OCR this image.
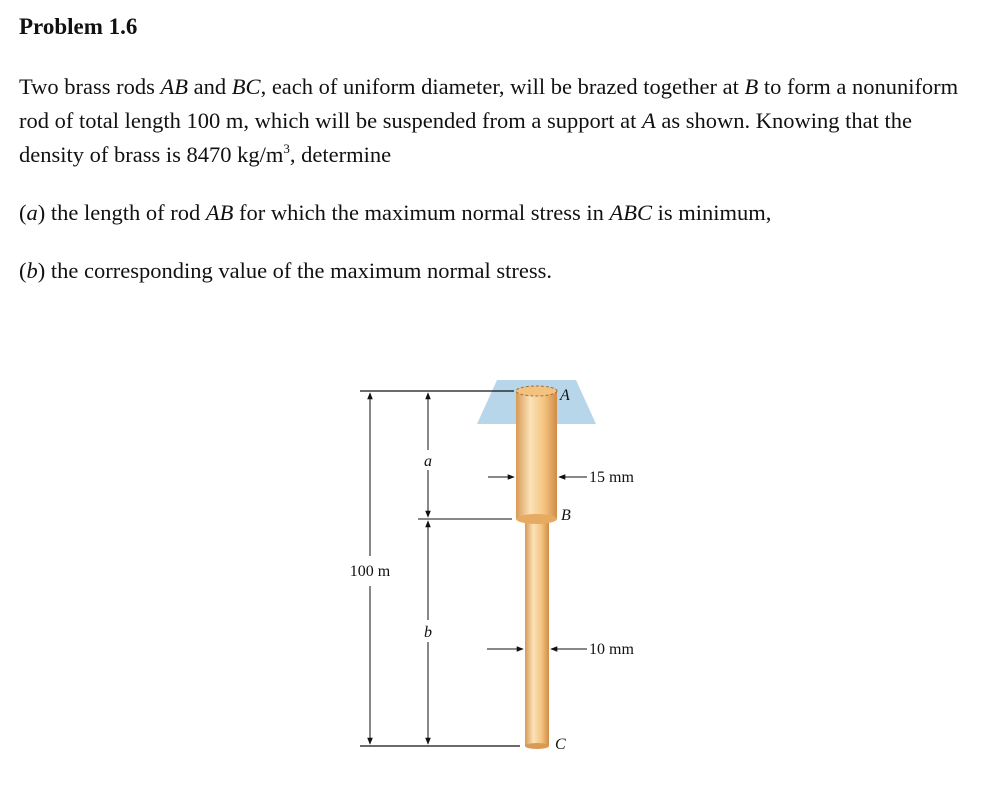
Problem 1.6

Two brass rods AB and BC, each of uniform diameter, will be brazed together at B to form a nonuniform rod of total length 100 m, which will be suspended from a support at A as shown. Knowing that the density of brass is 8470 $kg/m^3$, determine

(a) the length of rod AB for which the maximum normal stress in ABC is minimum,

(b) the corresponding value of the maximum normal stress.

100 m
a
b
15 mm
10 mm
A
B
C
